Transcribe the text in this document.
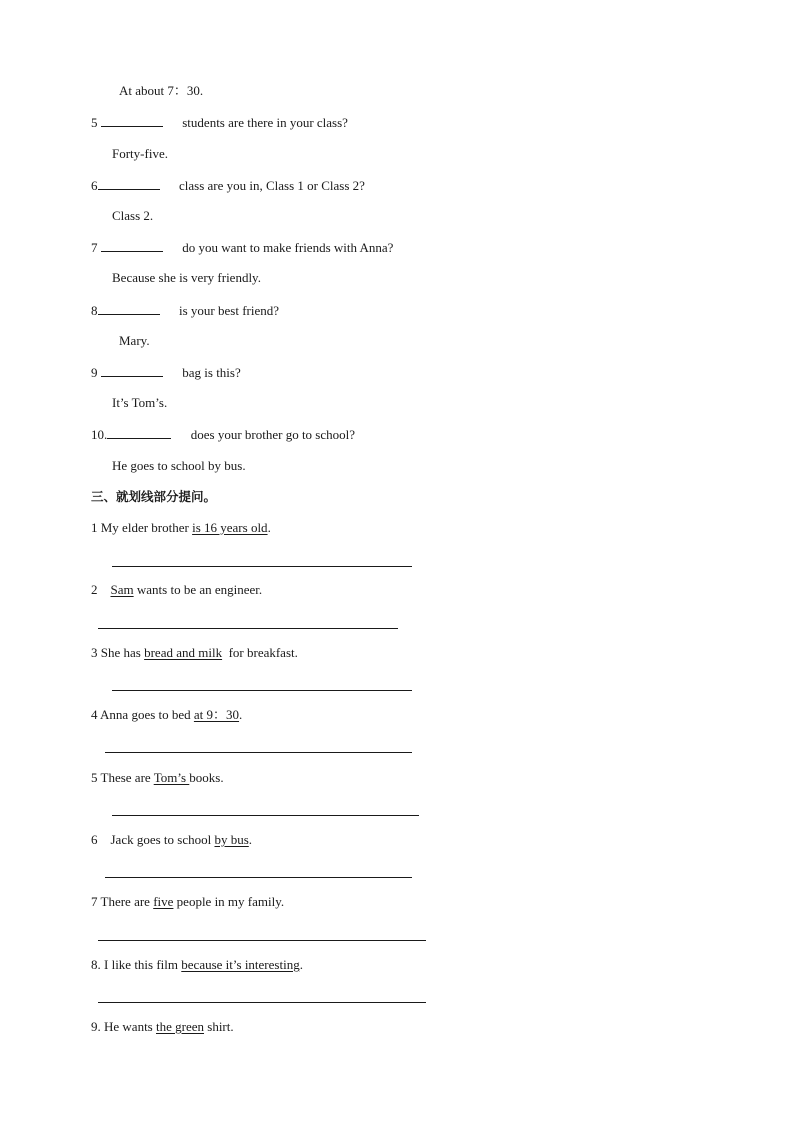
At about 7：30.
5	students are there in your class?
Forty-five.
6	class are you in, Class 1 or Class 2?
Class 2.
7	do you want to make friends with Anna?
Because she is very friendly.
8	is your best friend?
Mary.
9	bag is this?
It’s Tom’s.
10.	does your brother go to school?
He goes to school by bus.
三、就划线部分提问。
1 My elder brother is 16 years old.
2    Sam wants to be an engineer.
3 She has bread and milk  for breakfast.
4 Anna goes to bed at 9：30.
5 These are Tom’s books.
6    Jack goes to school by bus.
7 There are five people in my family.
8. I like this film because it’s interesting.
9. He wants the green shirt.
